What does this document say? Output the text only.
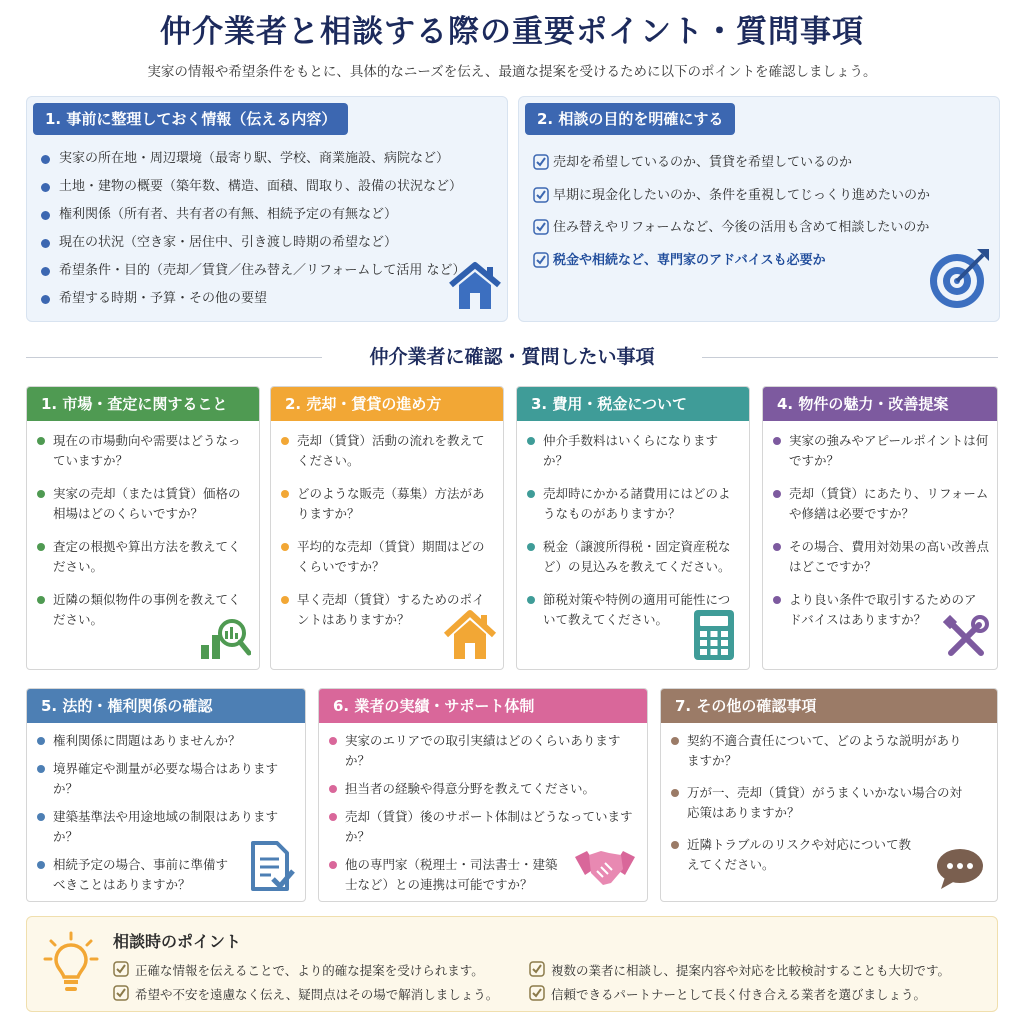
仲介業者と相談する際の重要ポイント・質問事項
実家の情報や希望条件をもとに、具体的なニーズを伝え、最適な提案を受けるために以下のポイントを確認しましょう。
1. 事前に整理しておく情報（伝える内容）
実家の所在地・周辺環境（最寄り駅、学校、商業施設、病院など）
土地・建物の概要（築年数、構造、面積、間取り、設備の状況など）
権利関係（所有者、共有者の有無、相続予定の有無など）
現在の状況（空き家・居住中、引き渡し時期の希望など）
希望条件・目的（売却／賃貸／住み替え／リフォームして活用 など）
希望する時期・予算・その他の要望
2. 相談の目的を明確にする
売却を希望しているのか、賃貸を希望しているのか
早期に現金化したいのか、条件を重視してじっくり進めたいのか
住み替えやリフォームなど、今後の活用も含めて相談したいのか
税金や相続など、専門家のアドバイスも必要か
仲介業者に確認・質問したい事項
1. 市場・査定に関すること
現在の市場動向や需要はどうなっていますか？
実家の売却（または賃貸）価格の相場はどのくらいですか？
査定の根拠や算出方法を教えてください。
近隣の類似物件の事例を教えてください。
2. 売却・賃貸の進め方
売却（賃貸）活動の流れを教えてください。
どのような販売（募集）方法がありますか？
平均的な売却（賃貸）期間はどのくらいですか？
早く売却（賃貸）するためのポイントはありますか？
3. 費用・税金について
仲介手数料はいくらになりますか？
売却時にかかる諸費用にはどのようなものがありますか？
税金（譲渡所得税・固定資産税など）の見込みを教えてください。
節税対策や特例の適用可能性について教えてください。
4. 物件の魅力・改善提案
実家の強みやアピールポイントは何ですか？
売却（賃貸）にあたり、リフォームや修繕は必要ですか？
その場合、費用対効果の高い改善点はどこですか？
より良い条件で取引するためのアドバイスはありますか？
5. 法的・権利関係の確認
権利関係に問題はありませんか？
境界確定や測量が必要な場合はありますか？
建築基準法や用途地域の制限はありますか？
相続予定の場合、事前に準備すべきことはありますか？
6. 業者の実績・サポート体制
実家のエリアでの取引実績はどのくらいありますか？
担当者の経験や得意分野を教えてください。
売却（賃貸）後のサポート体制はどうなっていますか？
他の専門家（税理士・司法書士・建築士など）との連携は可能ですか？
7. その他の確認事項
契約不適合責任について、どのような説明がありますか？
万が一、売却（賃貸）がうまくいかない場合の対応策はありますか？
近隣トラブルのリスクや対応について教えてください。
相談時のポイント
正確な情報を伝えることで、より的確な提案を受けられます。
希望や不安を遠慮なく伝え、疑問点はその場で解消しましょう。
複数の業者に相談し、提案内容や対応を比較検討することも大切です。
信頼できるパートナーとして長く付き合える業者を選びましょう。
